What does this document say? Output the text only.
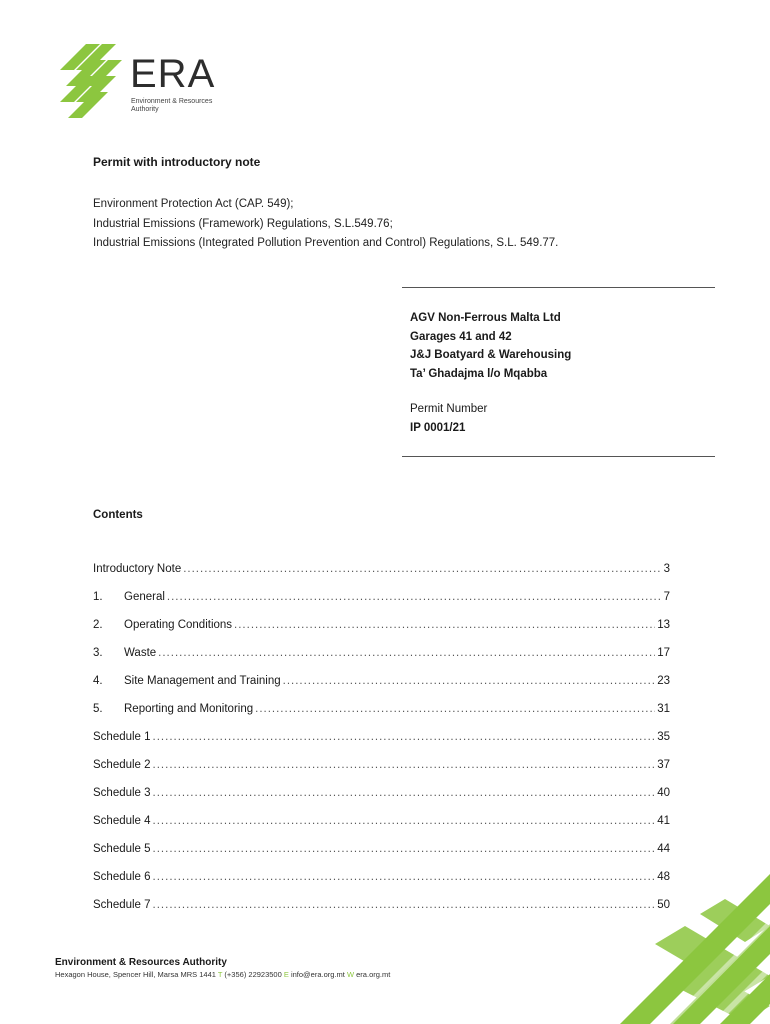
ERA
Environment & Resources
Authority
Permit with introductory note
Environment Protection Act (CAP. 549);
Industrial Emissions (Framework) Regulations, S.L.549.76;
Industrial Emissions (Integrated Pollution Prevention and Control) Regulations, S.L. 549.77.
AGV Non-Ferrous Malta Ltd
Garages 41 and 42
J&J Boatyard & Warehousing
Ta’ Ghadajma l/o Mqabba
Permit Number
IP 0001/21
Contents
Introductory Note .....	3
1.	General .....	7
2.	Operating Conditions .....	13
3.	Waste .....	17
4.	Site Management and Training .....	23
5.	Reporting and Monitoring .....	31
Schedule 1 .....	35
Schedule 2 .....	37
Schedule 3 .....	40
Schedule 4 .....	41
Schedule 5 .....	44
Schedule 6 .....	48
Schedule 7 .....	50
Environment & Resources Authority
Hexagon House, Spencer Hill, Marsa MRS 1441 T (+356) 22923500 E info@era.org.mt W era.org.mt
